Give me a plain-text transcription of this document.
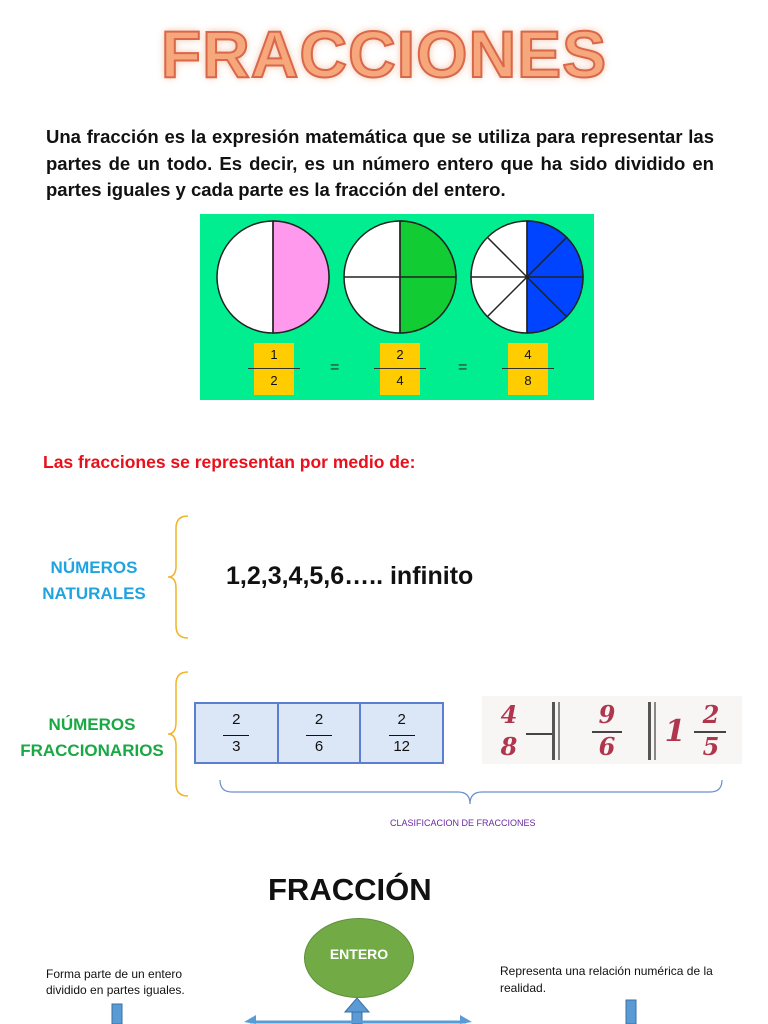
FRACCIONES
Una fracción es la expresión matemática que se utiliza para representar las partes de un todo. Es decir, es un número entero que ha sido dividido en partes iguales y cada parte es la fracción del entero.
1
2
=
2
4
=
4
8
Las fracciones se representan por medio de:
NÚMEROS NATURALES
1,2,3,4,5,6….. infinito
NÚMEROS FRACCIONARIOS
2
3
2
6
2
12
4
8
9
6 1 2
5
CLASIFICACION DE FRACCIONES
FRACCIÓN
ENTERO
Forma parte de un entero dividido en partes iguales.
Representa una relación numérica de la realidad.
